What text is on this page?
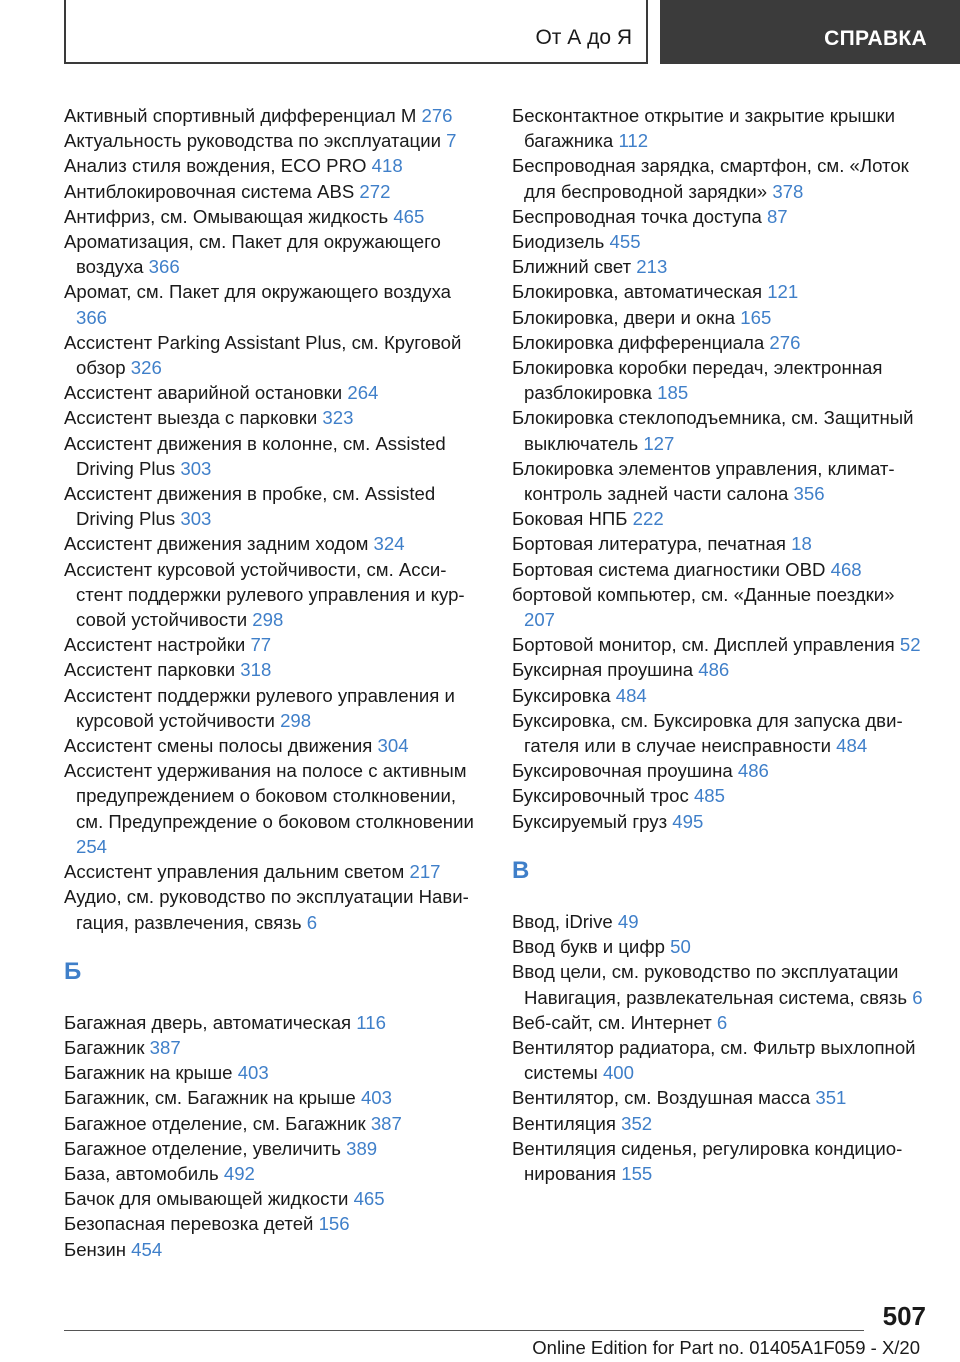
От А до Я	СПРАВКА
Активный спортивный дифференциал M 276
Актуальность руководства по эксплуатации 7
Анализ стиля вождения, ECO PRO 418
Антиблокировочная система ABS 272
Антифриз, см. Омывающая жидкость 465
Ароматизация, см. Пакет для окружающего воздуха 366
Аромат, см. Пакет для окружающего воздуха 366
Ассистент Parking Assistant Plus, см. Круговой обзор 326
Ассистент аварийной остановки 264
Ассистент выезда с парковки 323
Ассистент движения в колонне, см. Assisted Driving Plus 303
Ассистент движения в пробке, см. Assisted Driving Plus 303
Ассистент движения задним ходом 324
Ассистент курсовой устойчивости, см. Ассистент поддержки рулевого управления и курсовой устойчивости 298
Ассистент настройки 77
Ассистент парковки 318
Ассистент поддержки рулевого управления и курсовой устойчивости 298
Ассистент смены полосы движения 304
Ассистент удерживания на полосе с активным предупреждением о боковом столкновении, см. Предупреждение о боковом столкновении 254
Ассистент управления дальним светом 217
Аудио, см. руководство по эксплуатации Навигация, развлечения, связь 6
Б
Багажная дверь, автоматическая 116
Багажник 387
Багажник на крыше 403
Багажник, см. Багажник на крыше 403
Багажное отделение, см. Багажник 387
Багажное отделение, увеличить 389
База, автомобиль 492
Бачок для омывающей жидкости 465
Безопасная перевозка детей 156
Бензин 454
Бесконтактное открытие и закрытие крышки багажника 112
Беспроводная зарядка, смартфон, см. «Лоток для беспроводной зарядки» 378
Беспроводная точка доступа 87
Биодизель 455
Ближний свет 213
Блокировка, автоматическая 121
Блокировка, двери и окна 165
Блокировка дифференциала 276
Блокировка коробки передач, электронная разблокировка 185
Блокировка стеклоподъемника, см. Защитный выключатель 127
Блокировка элементов управления, климат-контроль задней части салона 356
Боковая НПБ 222
Бортовая литература, печатная 18
Бортовая система диагностики OBD 468
бортовой компьютер, см. «Данные поездки» 207
Бортовой монитор, см. Дисплей управления 52
Буксирная проушина 486
Буксировка 484
Буксировка, см. Буксировка для запуска двигателя или в случае неисправности 484
Буксировочная проушина 486
Буксировочный трос 485
Буксируемый груз 495
В
Ввод, iDrive 49
Ввод букв и цифр 50
Ввод цели, см. руководство по эксплуатации Навигация, развлекательная система, связь 6
Веб-сайт, см. Интернет 6
Вентилятор радиатора, см. Фильтр выхлопной системы 400
Вентилятор, см. Воздушная масса 351
Вентиляция 352
Вентиляция сиденья, регулировка кондиционирования 155
507
Online Edition for Part no. 01405A1F059 - X/20
